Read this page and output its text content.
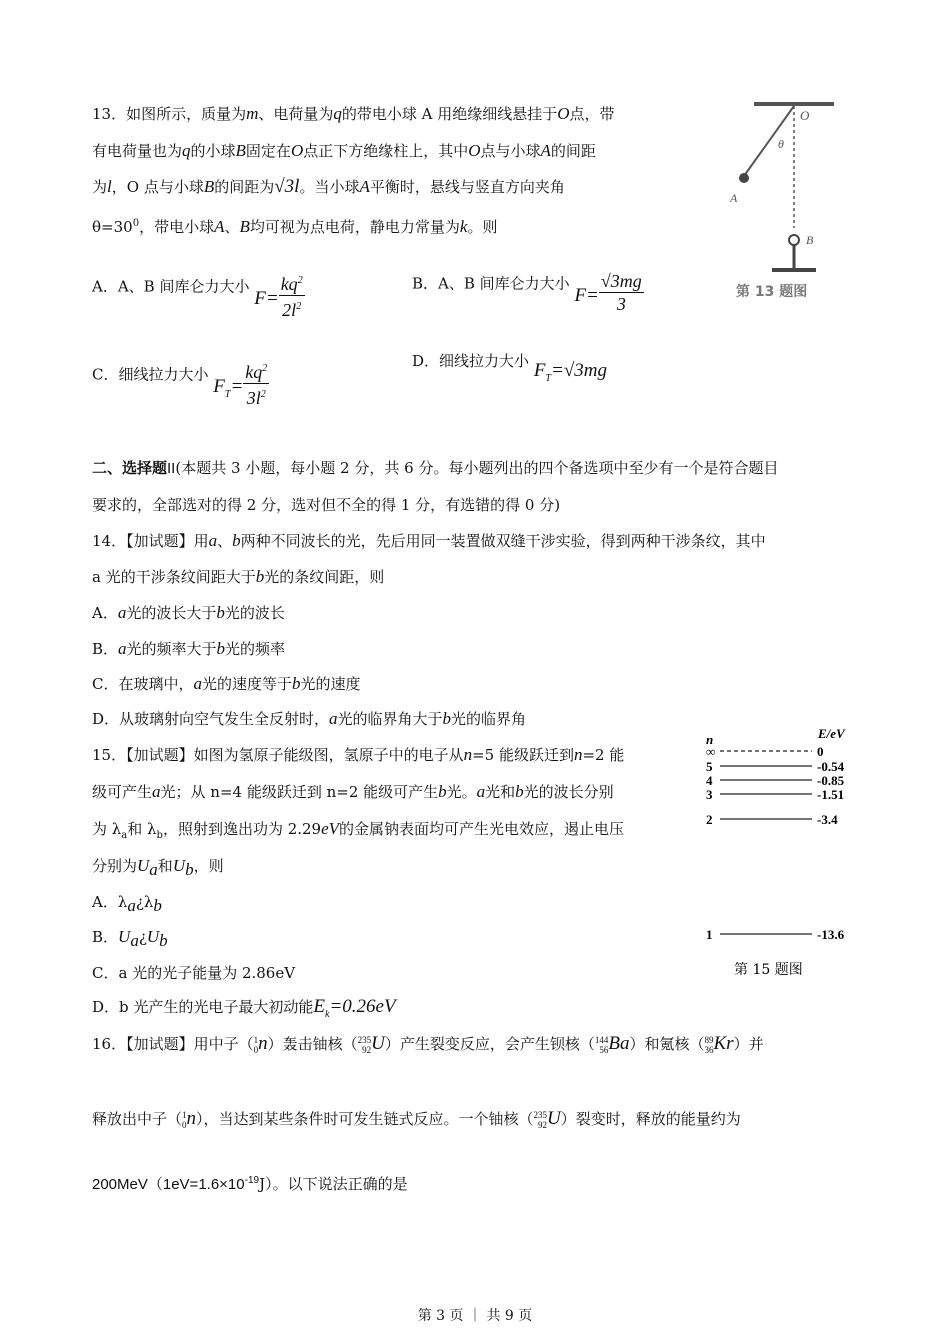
13．如图所示，质量为m、电荷量为q的带电小球 A 用绝缘细线悬挂于O点，带
有电荷量也为q的小球B固定在O点正下方绝缘柱上，其中O点与小球A的间距
为l，O 点与小球B的间距为√3l。当小球A平衡时，悬线与竖直方向夹角
$\theta=30^0$，带电小球A、B均可视为点电荷，静电力常量为k。则
A．A、B 间库仑力大小 $F= \frac{kq^2}{2l^2}$	B．A、B 间库仑力大小 $F= \frac{√3mg}{3}$
C．细线拉力大小 $F_T= \frac{kq^2}{3l^2}$	D．细线拉力大小 $F_T=√3mg$
O
θ
A
B
第 13 题图
二、选择题II(本题共 3 小题，每小题 2 分，共 6 分。每小题列出的四个备选项中至少有一个是符合题目
要求的，全部选对的得 2 分，选对但不全的得 1 分，有选错的得 0 分)
14．【加试题】用a、b两种不同波长的光，先后用同一装置做双缝干涉实验，得到两种干涉条纹，其中
a 光的干涉条纹间距大于b光的条纹间距，则
A．a光的波长大于b光的波长
B．a光的频率大于b光的频率
C．在玻璃中，a光的速度等于b光的速度
D．从玻璃射向空气发生全反射时，a光的临界角大于b光的临界角
15．【加试题】如图为氢原子能级图，氢原子中的电子从n=5 能级跃迁到n=2 能
级可产生a光；从 n=4 能级跃迁到 n=2 能级可产生b光。a光和b光的波长分别
为 $\lambda_a$和 $\lambda_b$，照射到逸出功为 2.29eV的金属钠表面均可产生光电效应，遏止电压
分别为$U_a$和$U_b$，则
A．$\lambda_a¿\lambda_b$
B．$U_a¿U_b$
C．a 光的光子能量为 2.86eV
D．b 光产生的光电子最大初动能$E_k=0.26eV$
n	E/eV
第 15 题图
∞	0
5	-0.54
4	-0.85
3	-1.51
2	-3.4
1	-13.6
16．【加试题】用中子（1
0n）轰击铀核（235
92U）产生裂变反应，会产生钡核（144
56Ba）和氪核（89
36Kr）并
释放出中子（1
0n），当达到某些条件时可发生链式反应。一个铀核（235
92U）裂变时，释放的能量约为
$200MeV(1eV=1.6\times 10^{-19}J)$。以下说法正确的是
第 3 页 ｜ 共 9 页
